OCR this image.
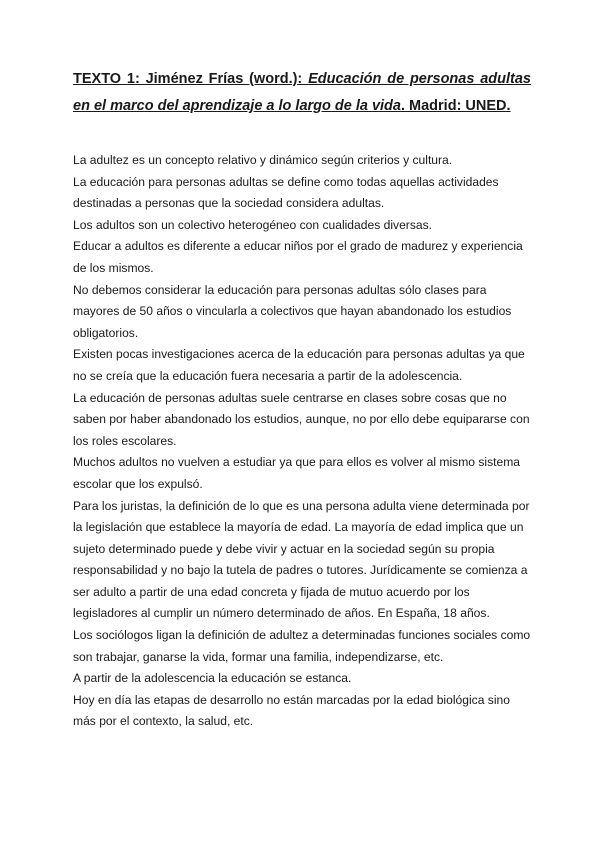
TEXTO 1: Jiménez Frías (word.): Educación de personas adultas en el marco del aprendizaje a lo largo de la vida. Madrid: UNED.

La adultez es un concepto relativo y dinámico según criterios y cultura.

La educación para personas adultas se define como todas aquellas actividades destinadas a personas que la sociedad considera adultas.

Los adultos son un colectivo heterogéneo con cualidades diversas.

Educar a adultos es diferente a educar niños por el grado de madurez y experiencia de los mismos.

No debemos considerar la educación para personas adultas sólo clases para mayores de 50 años o vincularla a colectivos que hayan abandonado los estudios obligatorios.

Existen pocas investigaciones acerca de la educación para personas adultas ya que no se creía que la educación fuera necesaria a partir de la adolescencia.

La educación de personas adultas suele centrarse en clases sobre cosas que no saben por haber abandonado los estudios, aunque, no por ello debe equipararse con los roles escolares.

Muchos adultos no vuelven a estudiar ya que para ellos es volver al mismo sistema escolar que los expulsó.

Para los juristas, la definición de lo que es una persona adulta viene determinada por la legislación que establece la mayoría de edad. La mayoría de edad implica que un sujeto determinado puede y debe vivir y actuar en la sociedad según su propia responsabilidad y no bajo la tutela de padres o tutores. Jurídicamente se comienza a ser adulto a partir de una edad concreta y fijada de mutuo acuerdo por los legisladores al cumplir un número determinado de años. En España, 18 años.

Los sociólogos ligan la definición de adultez a determinadas funciones sociales como son trabajar, ganarse la vida, formar una familia, independizarse, etc.

A partir de la adolescencia la educación se estanca.

Hoy en día las etapas de desarrollo no están marcadas por la edad biológica sino más por el contexto, la salud, etc.
